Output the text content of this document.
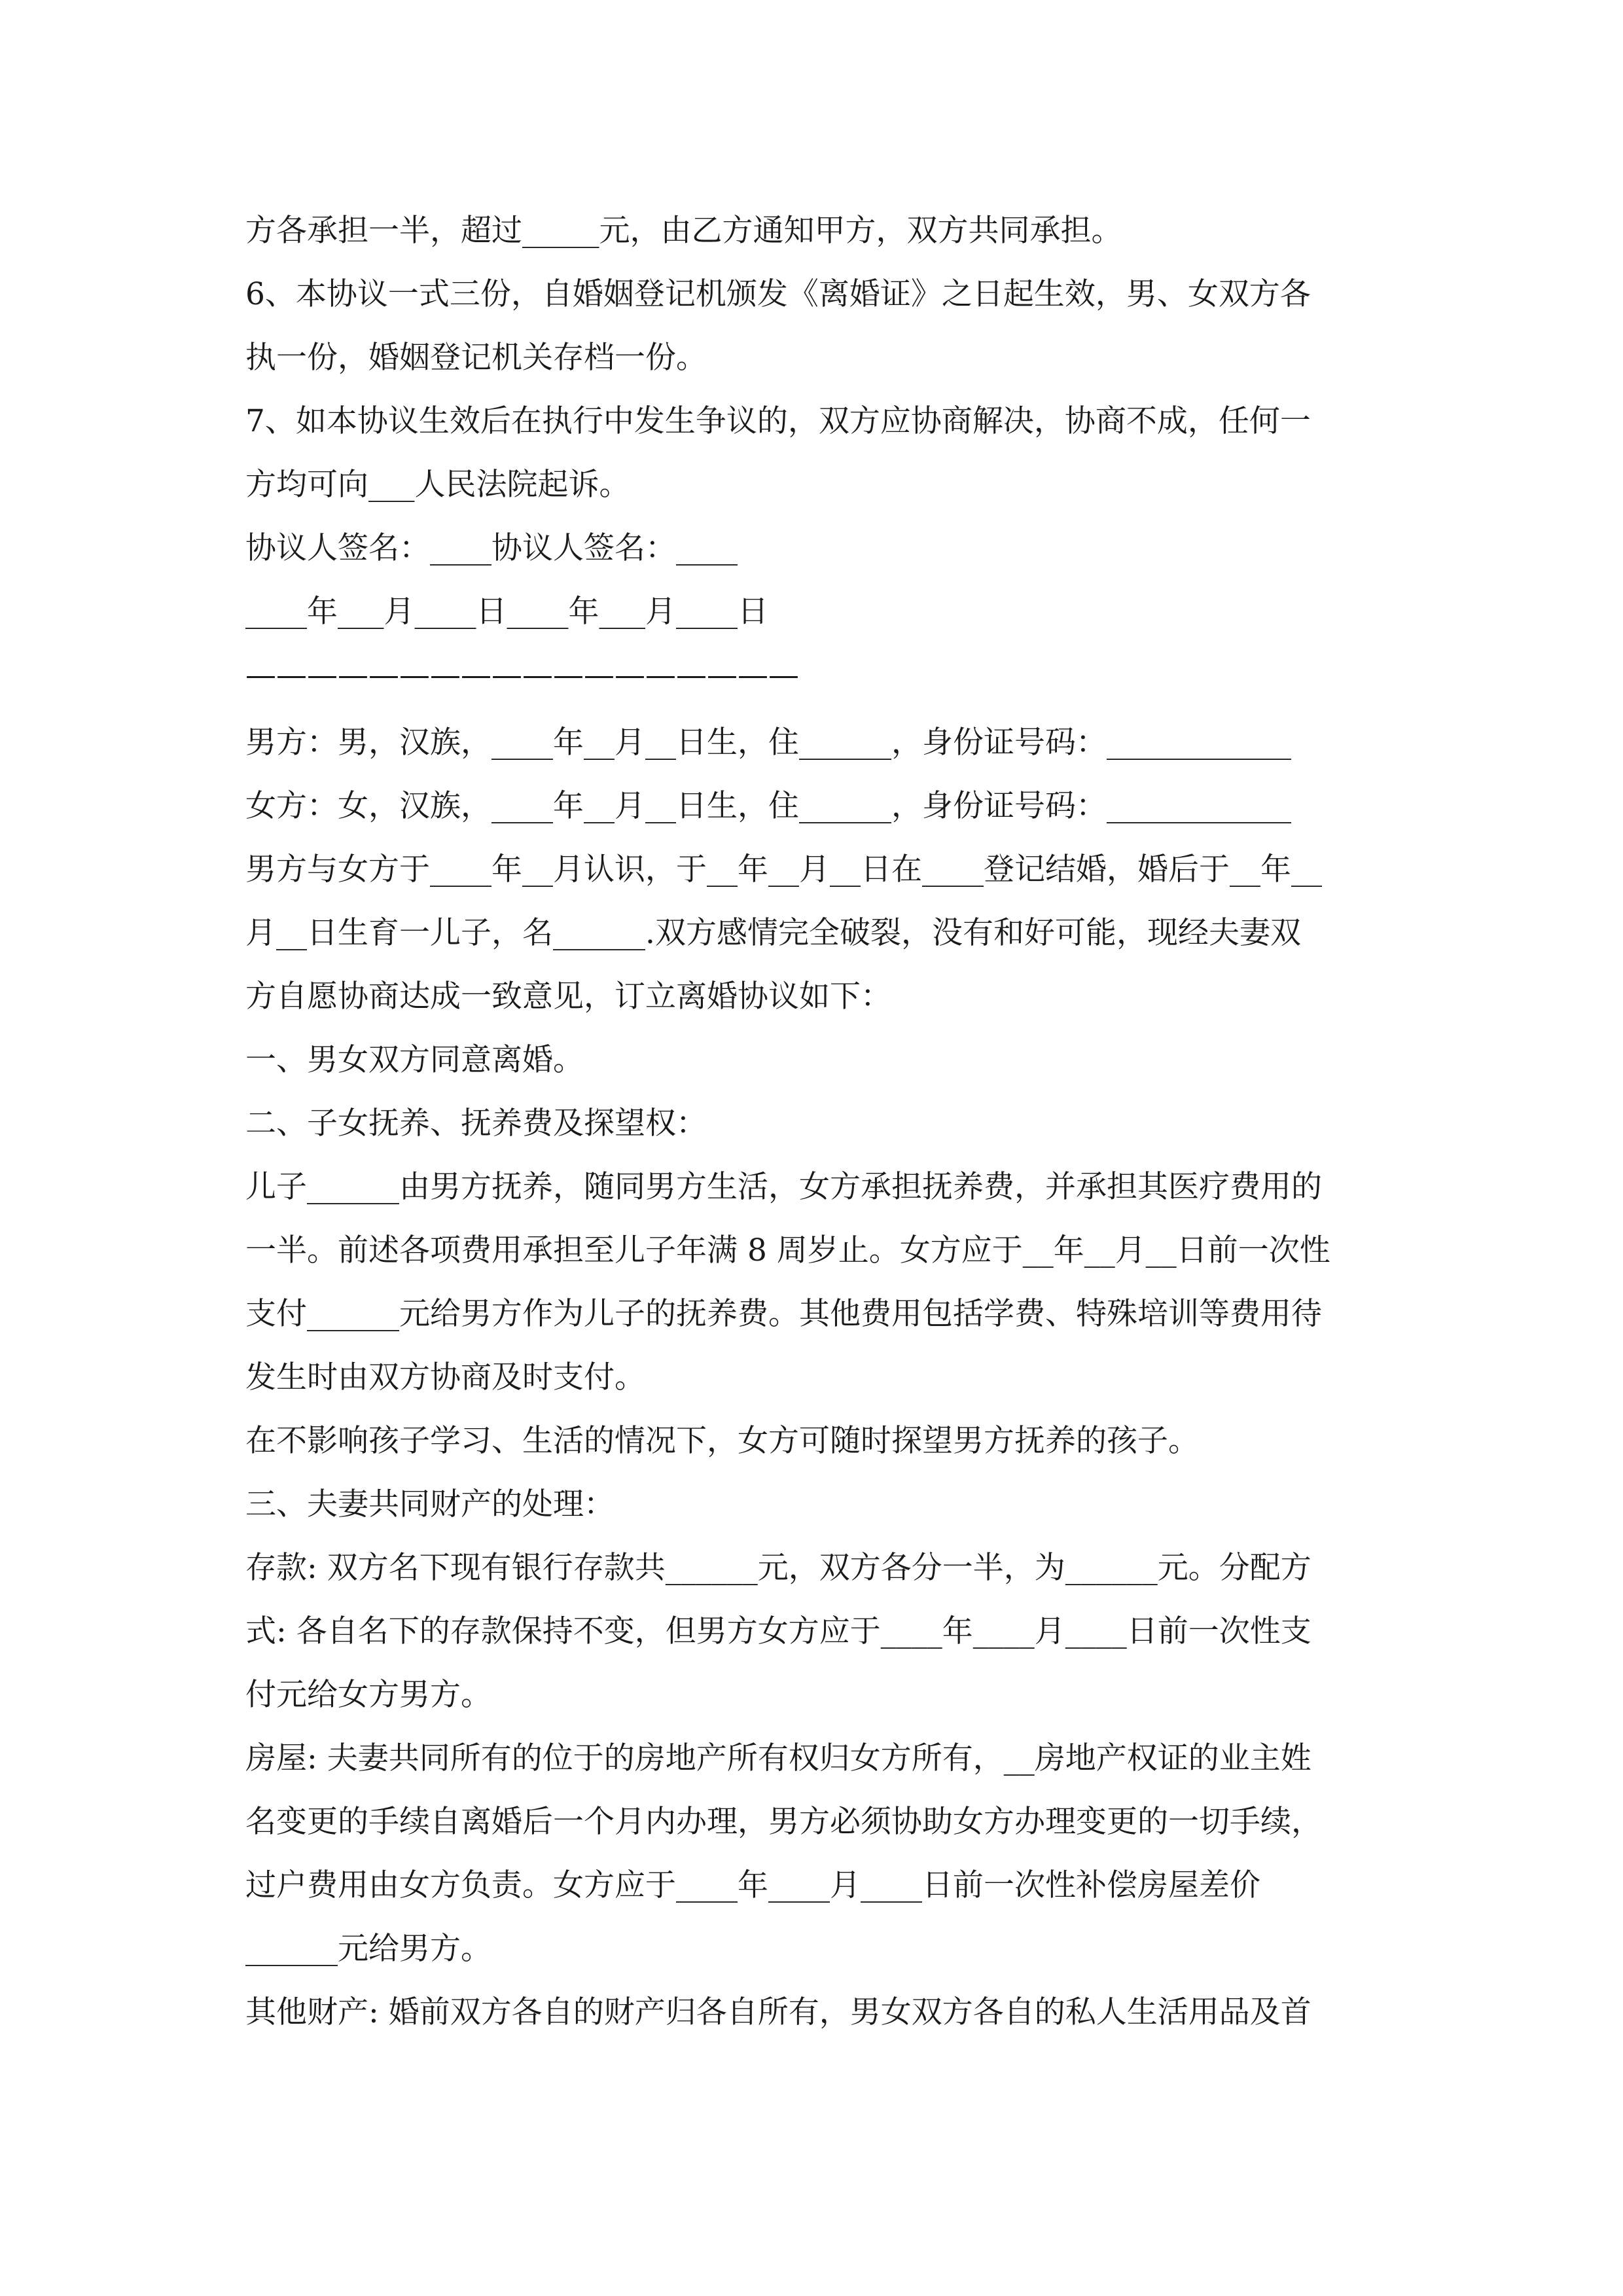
方各承担一半，超过_____元，由乙方通知甲方，双方共同承担。
6、本协议一式三份，自婚姻登记机颁发《离婚证》之日起生效，男、女双方各
执一份，婚姻登记机关存档一份。
7、如本协议生效后在执行中发生争议的，双方应协商解决，协商不成，任何一
方均可向___人民法院起诉。
协议人签名：____协议人签名：____
____年___月____日____年___月____日
——————————————————
男方：男，汉族，____年__月__日生，住______，身份证号码：____________
女方：女，汉族，____年__月__日生，住______，身份证号码：____________
男方与女方于____年__月认识，于__年__月__日在____登记结婚，婚后于__年__
月__日生育一儿子，名______.双方感情完全破裂，没有和好可能，现经夫妻双
方自愿协商达成一致意见，订立离婚协议如下：
一、男女双方同意离婚。
二、子女抚养、抚养费及探望权：
儿子______由男方抚养，随同男方生活，女方承担抚养费，并承担其医疗费用的
一半。前述各项费用承担至儿子年满 8 周岁止。女方应于__年__月__日前一次性
支付______元给男方作为儿子的抚养费。其他费用包括学费、特殊培训等费用待
发生时由双方协商及时支付。
在不影响孩子学习、生活的情况下，女方可随时探望男方抚养的孩子。
三、夫妻共同财产的处理：
存款: 双方名下现有银行存款共______元，双方各分一半，为______元。分配方
式: 各自名下的存款保持不变，但男方女方应于____年____月____日前一次性支
付元给女方男方。
房屋: 夫妻共同所有的位于的房地产所有权归女方所有，__房地产权证的业主姓
名变更的手续自离婚后一个月内办理，男方必须协助女方办理变更的一切手续，
过户费用由女方负责。女方应于____年____月____日前一次性补偿房屋差价
______元给男方。
其他财产: 婚前双方各自的财产归各自所有，男女双方各自的私人生活用品及首
